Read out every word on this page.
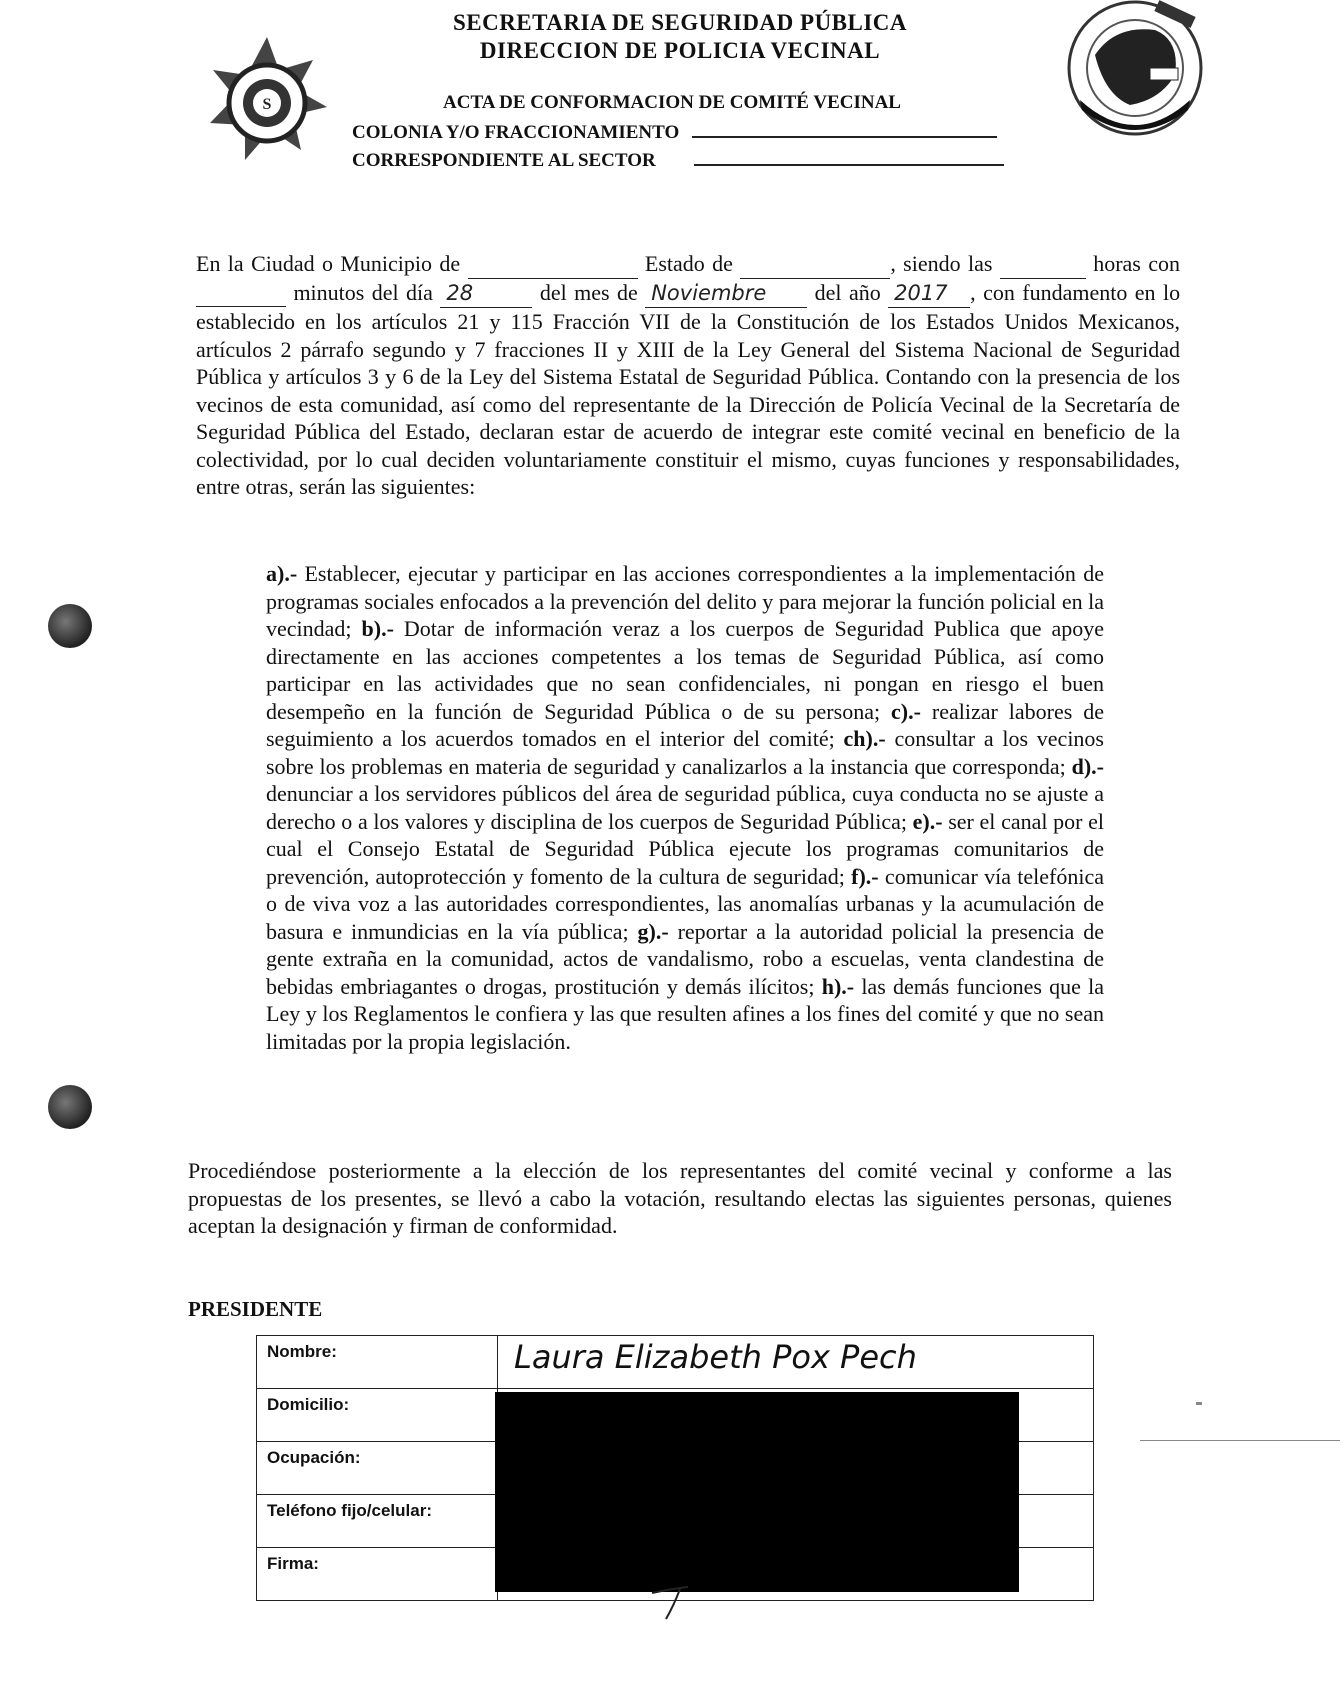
S
SECRETARIA DE SEGURIDAD PÚBLICA
DIRECCION DE POLICIA VECINAL
ACTA DE CONFORMACION DE COMITÉ VECINAL
COLONIA Y/O FRACCIONAMIENTO
CORRESPONDIENTE AL SECTOR
En la Ciudad o Municipio de	Estado de	, siendo las	horas con   minutos del día 28	del mes de Noviembre del año 2017 , con fundamento en lo establecido en los artículos 21 y 115 Fracción VII de la Constitución de los Estados Unidos Mexicanos, artículos 2 párrafo segundo y 7 fracciones II y XIII de la Ley General del Sistema Nacional de Seguridad Pública y artículos 3 y 6 de la Ley del Sistema Estatal de Seguridad Pública. Contando con la presencia de los vecinos de esta comunidad, así como del representante de la Dirección de Policía Vecinal de la Secretaría de Seguridad Pública del Estado, declaran estar de acuerdo de integrar este comité vecinal en beneficio de la colectividad, por lo cual deciden voluntariamente constituir el mismo, cuyas funciones y responsabilidades, entre otras, serán las siguientes:
a).- Establecer, ejecutar y participar en las acciones correspondientes a la implementación de programas sociales enfocados a la prevención del delito y para mejorar la función policial en la vecindad; b).- Dotar de información veraz a los cuerpos de Seguridad Publica que apoye directamente en las acciones competentes a los temas de Seguridad Pública, así como participar en las actividades que no sean confidenciales, ni pongan en riesgo el buen desempeño en la función de Seguridad Pública o de su persona; c).- realizar labores de seguimiento a los acuerdos tomados en el interior del comité; ch).- consultar a los vecinos sobre los problemas en materia de seguridad y canalizarlos a la instancia que corresponda; d).- denunciar a los servidores públicos del área de seguridad pública, cuya conducta no se ajuste a derecho o a los valores y disciplina de los cuerpos de Seguridad Pública; e).- ser el canal por el cual el Consejo Estatal de Seguridad Pública ejecute los programas comunitarios de prevención, autoprotección y fomento de la cultura de seguridad; f).- comunicar vía telefónica o de viva voz a las autoridades correspondientes, las anomalías urbanas y la acumulación de basura e inmundicias en la vía pública; g).- reportar a la autoridad policial la presencia de gente extraña en la comunidad, actos de vandalismo, robo a escuelas, venta clandestina de bebidas embriagantes o drogas, prostitución y demás ilícitos; h).- las demás funciones que la Ley y los Reglamentos le confiera y las que resulten afines a los fines del comité y que no sean limitadas por la propia legislación.
Procediéndose posteriormente a la elección de los representantes del comité vecinal y conforme a las propuestas de los presentes, se llevó a cabo la votación, resultando electas las siguientes personas, quienes aceptan la designación y firman de conformidad.
PRESIDENTE
Nombre:	Laura Elizabeth Pox Pech

Domicilio:	
Ocupación:	
Teléfono fijo/celular:	
Firma:	
